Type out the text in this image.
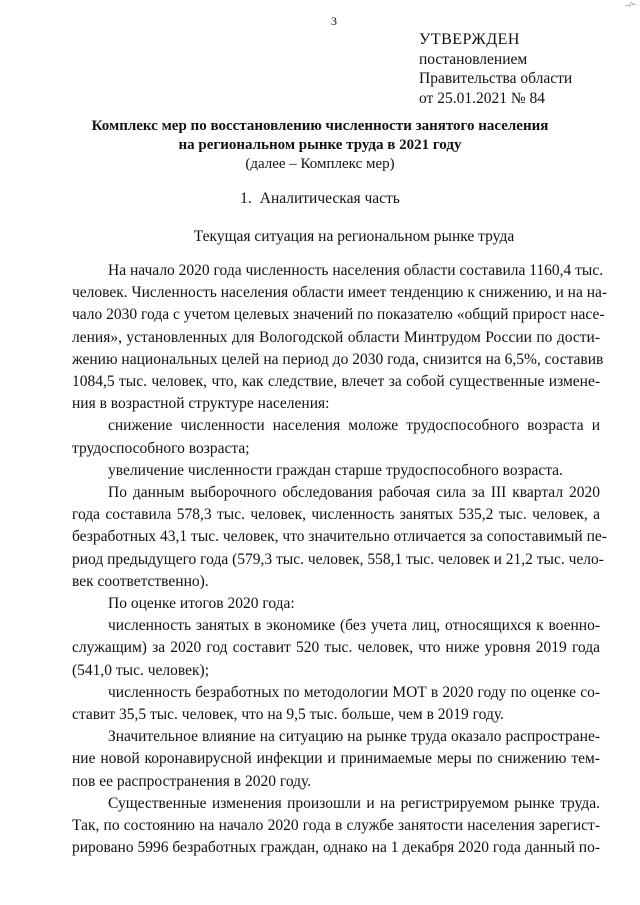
3
–/~
УТВЕРЖДЕН
постановлением
Правительства области
от 25.01.2021 № 84
Комплекс мер по восстановлению численности занятого населения
на региональном рынке труда в 2021 году
(далее – Комплекс мер)
1. Аналитическая часть
Текущая ситуация на региональном рынке труда
На начало 2020 года численность населения области составила 1160,4 тыс.
человек. Численность населения области имеет тенденцию к снижению, и на на-
чало 2030 года с учетом целевых значений по показателю «общий прирост насе-
ления», установленных для Вологодской области Минтрудом России по дости-
жению национальных целей на период до 2030 года, снизится на 6,5%, составив
1084,5 тыс. человек, что, как следствие, влечет за собой существенные измене-
ния в возрастной структуре населения:
снижение численности населения моложе трудоспособного возраста и
трудоспособного возраста;
увеличение численности граждан старше трудоспособного возраста.
По данным выборочного обследования рабочая сила за III квартал 2020
года составила 578,3 тыс. человек, численность занятых 535,2 тыс. человек, а
безработных 43,1 тыс. человек, что значительно отличается за сопоставимый пе-
риод предыдущего года (579,3 тыс. человек, 558,1 тыс. человек и 21,2 тыс. чело-
век соответственно).
По оценке итогов 2020 года:
численность занятых в экономике (без учета лиц, относящихся к военно-
служащим) за 2020 год составит 520 тыс. человек, что ниже уровня 2019 года
(541,0 тыс. человек);
численность безработных по методологии МОТ в 2020 году по оценке со-
ставит 35,5 тыс. человек, что на 9,5 тыс. больше, чем в 2019 году.
Значительное влияние на ситуацию на рынке труда оказало распростране-
ние новой коронавирусной инфекции и принимаемые меры по снижению тем-
пов ее распространения в 2020 году.
Существенные изменения произошли и на регистрируемом рынке труда.
Так, по состоянию на начало 2020 года в службе занятости населения зарегист-
рировано 5996 безработных граждан, однако на 1 декабря 2020 года данный по-
